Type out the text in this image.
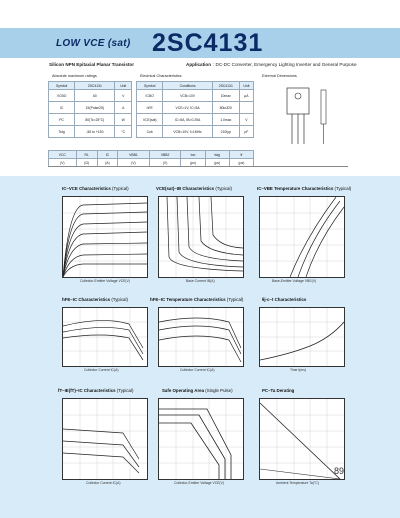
LOW VCE (sat) 2SC4131
Silicon NPN Epitaxial Planar Transistor	Application : DC-DC Converter, Emergency Lighting Inverter and General Purpose
Absolute maximum ratings	Electrical Characteristics	External Dimensions
Symbol	2SC4131	Unit
VCBO	60	V
IC	15(Pulse25)	A
PC	80(Tc=25°C)	W
Tstg	-55 to +150	°C
Symbol	Conditions	2SC4131	Unit
ICBO	VCB=10V	10max	μA
hFE	VCE=1V, IC=5A	80to320	
VCE(sat)	IC=5A, IB=0.25A	1.0max	V
Cob	VCB=10V, f=1MHz	210typ	pF
VCC	RL	IC	VBB1	VBB2	ton	tstg	tf
(V)	(Ω)	(A)	(V)	(V)	(μs)	(μs)	(μs)
IC–VCE Characteristics (Typical)	VCE(sat)–IB Characteristics (Typical)	IC–VBE Temperature Characteristics (Typical)
Collector-Emitter Voltage VCE(V)	Base Current IB(A)	Base-Emitter Voltage VBE(V)
hFE–IC Characteristics (Typical)	hFE–IC Temperature Characteristics (Typical)	θj-c–t Characteristics
Collector Current IC(A)	Collector Current IC(A)	Time t(ms)
fT–IE(fT)–IC Characteristics (Typical)	Safe Operating Area (Single Pulse)	PC–Ta Derating
Collector Current IC(A)	Collector-Emitter Voltage VCE(V)	Ambient Temperature Ta(°C)
89
